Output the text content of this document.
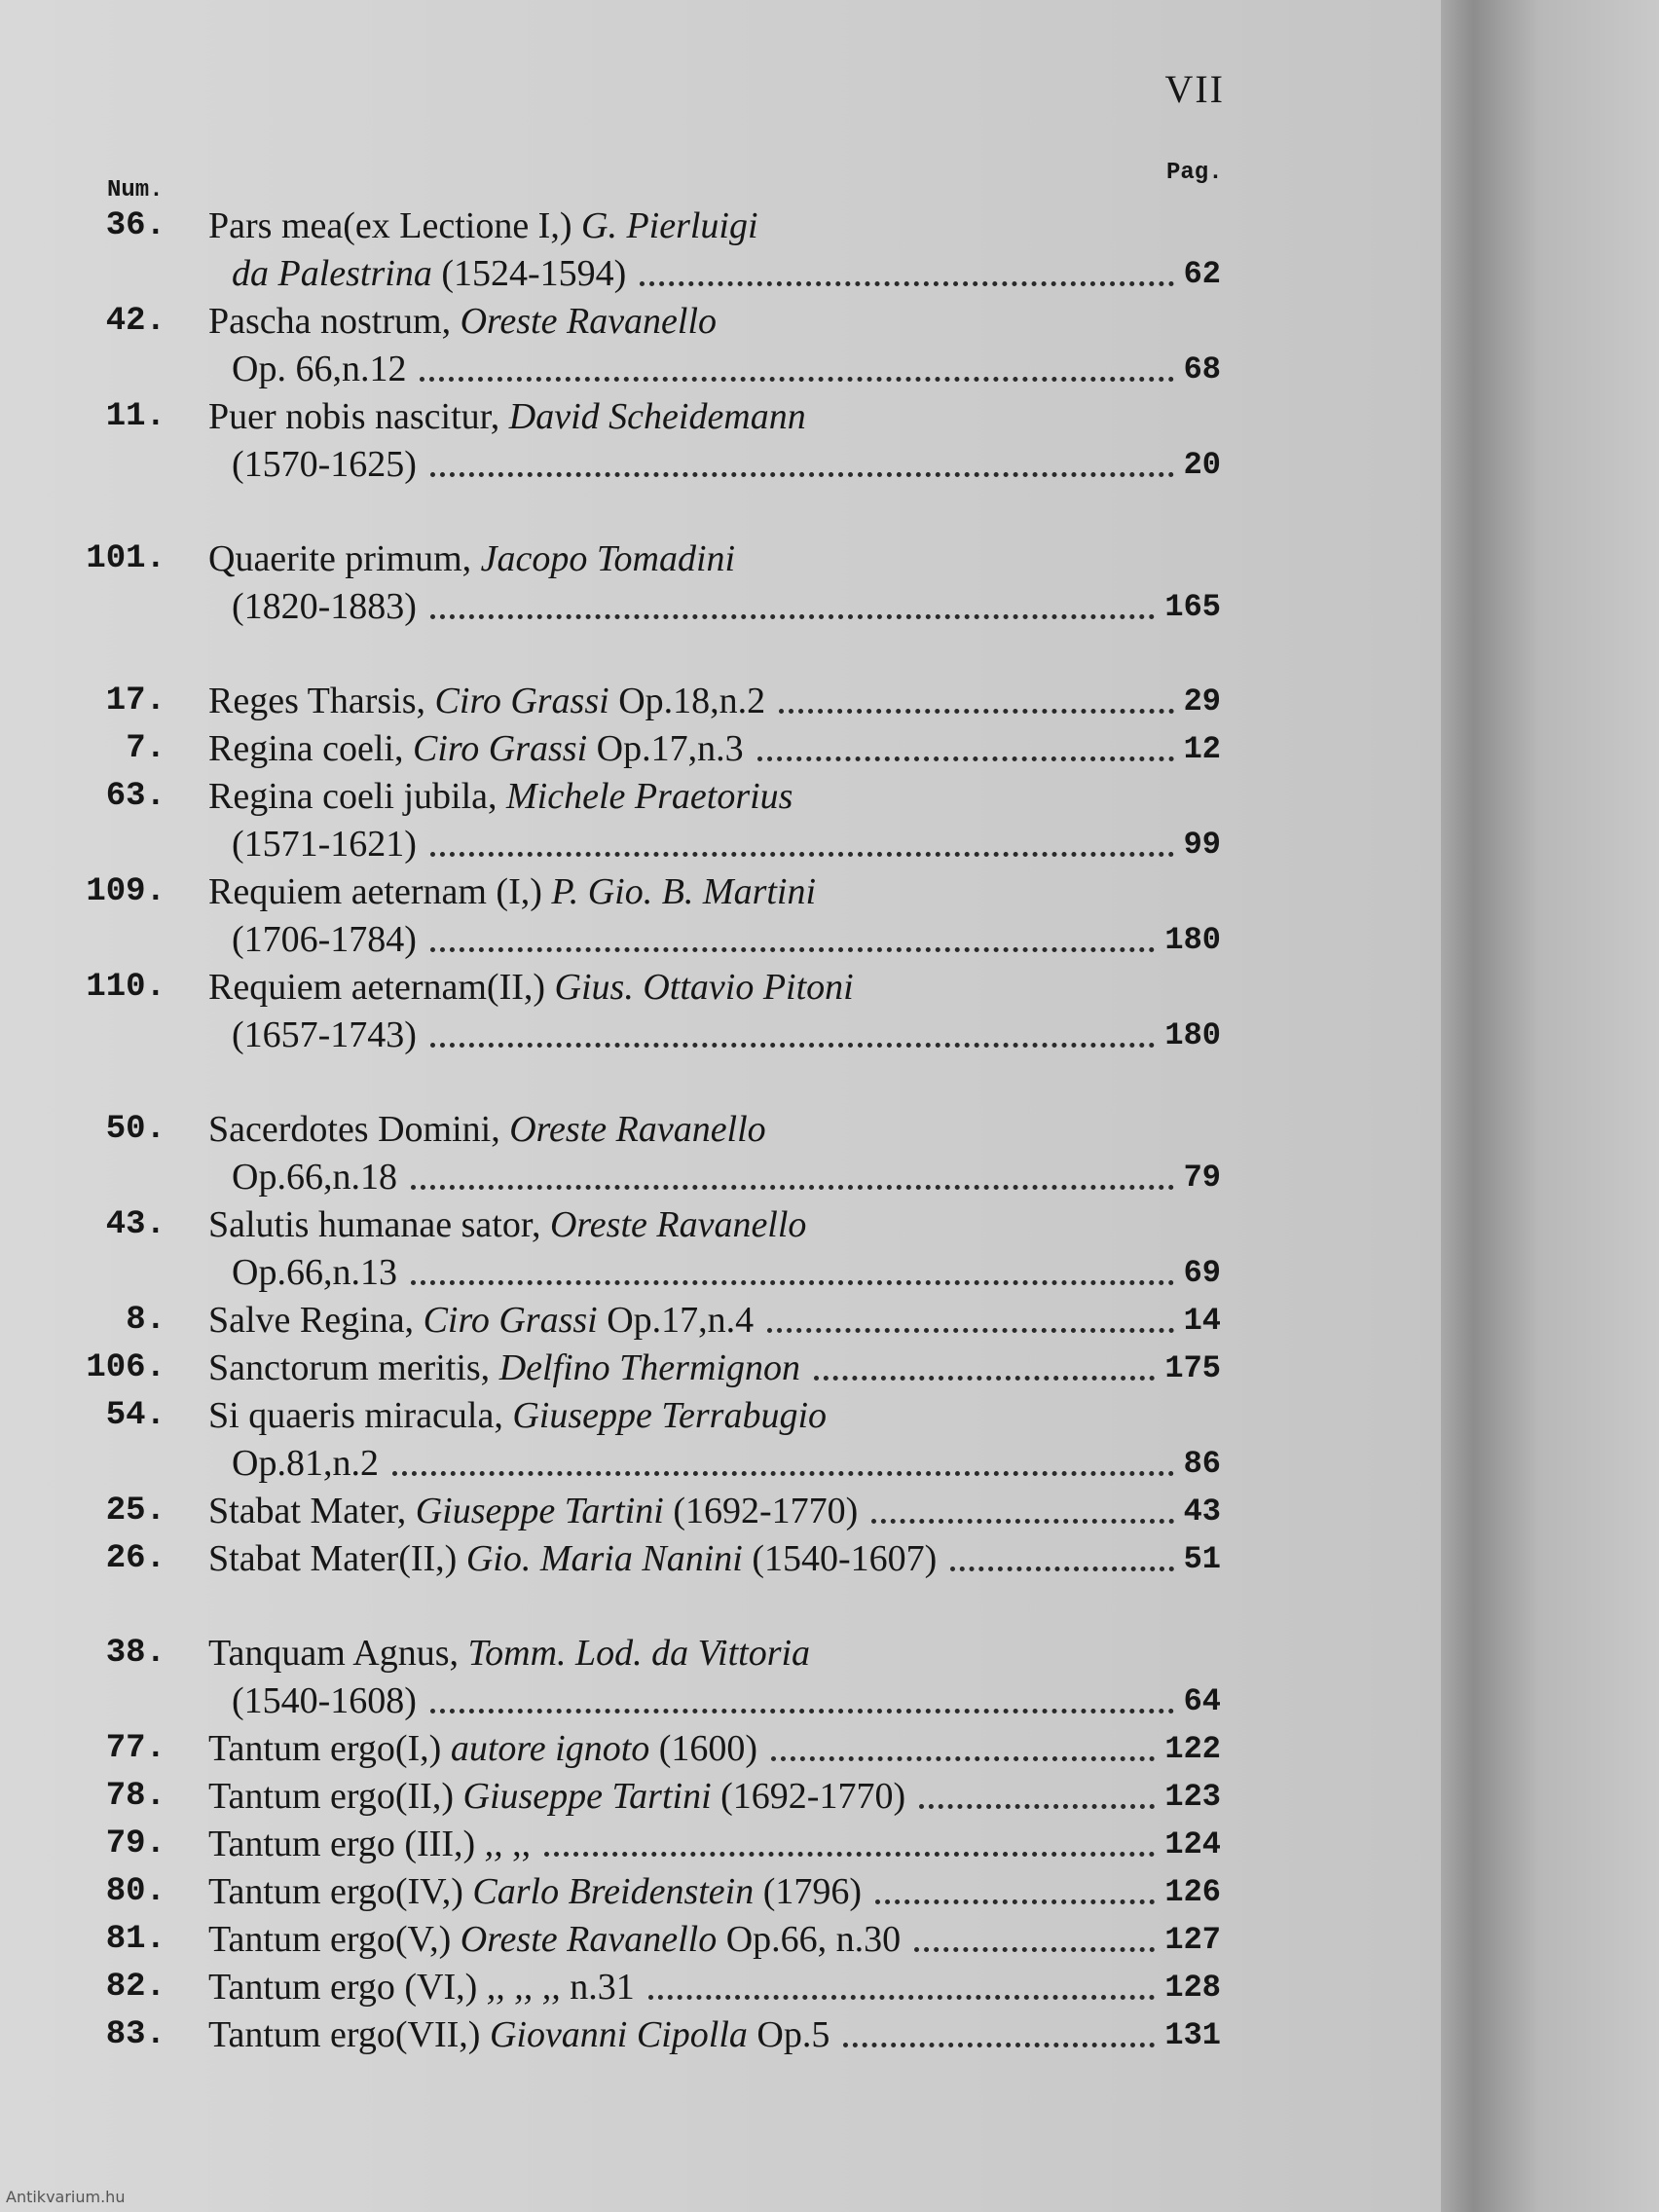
VII
Num.
Pag.
36. Pars mea(ex Lectione I,) G. Pierluigi
da Palestrina (1524-1594)	62
42. Pascha nostrum, Oreste Ravanello
Op. 66,n.12	68
11. Puer nobis nascitur, David Scheidemann
(1570-1625)	20
101. Quaerite primum, Jacopo Tomadini
(1820-1883)	165
17. Reges Tharsis, Ciro Grassi Op.18,n.2	29
7. Regina coeli, Ciro Grassi Op.17,n.3	12
63. Regina coeli jubila, Michele Praetorius
(1571-1621)	99
109. Requiem aeternam (I,) P. Gio. B. Martini
(1706-1784)	180
110. Requiem aeternam(II,) Gius. Ottavio Pitoni
(1657-1743)	180
50. Sacerdotes Domini, Oreste Ravanello
Op.66,n.18	79
43. Salutis humanae sator, Oreste Ravanello
Op.66,n.13	69
8. Salve Regina, Ciro Grassi Op.17,n.4	14
106. Sanctorum meritis, Delfino Thermignon	175
54. Si quaeris miracula, Giuseppe Terrabugio
Op.81,n.2	86
25. Stabat Mater, Giuseppe Tartini (1692-1770)	43
26. Stabat Mater(II,) Gio. Maria Nanini (1540-1607)	51
38. Tanquam Agnus, Tomm. Lod. da Vittoria
(1540-1608)	64
77. Tantum ergo(I,) autore ignoto (1600)	122
78. Tantum ergo(II,) Giuseppe Tartini (1692-1770)	123
79. Tantum ergo (III,) ,, ,,	124
80. Tantum ergo(IV,) Carlo Breidenstein (1796)	126
81. Tantum ergo(V,) Oreste Ravanello Op.66, n.30	127
82. Tantum ergo (VI,) ,, ,, ,, n.31	128
83. Tantum ergo(VII,) Giovanni Cipolla Op.5	131
Antikvarium.hu
